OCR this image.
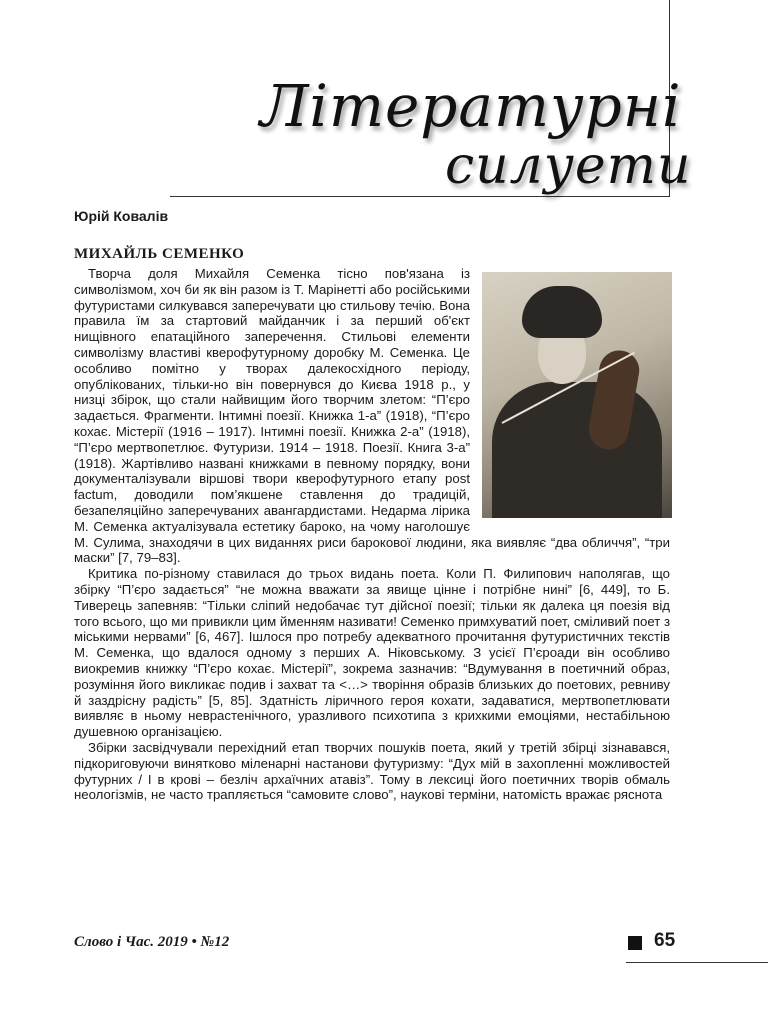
Літературні
силуети
Юрій Ковалів
МИХАЙЛЬ СЕМЕНКО

Творча доля Михайля Семенка тісно пов'язана із символізмом, хоч би як він разом із Т. Марінетті або російськими футуристами силкувався заперечувати цю стильову течію. Вона правила їм за стартовий майданчик і за перший об'єкт нищівного епатаційного заперечення. Стильові елементи символізму властиві кверофутурному доробку М. Семенка. Це особливо помітно у творах далекосхідного періоду, опублікованих, тільки-но він повернувся до Києва 1918 р., у низці збірок, що стали найвищим його творчим злетом: “П’єро задається. Фрагменти. Інтимні поезії. Книжка 1-а” (1918), “П’єро кохає. Містерії (1916 – 1917). Інтимні поезії. Книжка 2-а” (1918), “П’єро мертвопетлює. Футуризи. 1914 – 1918. Поезії. Книга 3-а” (1918). Жартівливо названі книжками в певному порядку, вони документалізували віршові твори кверофутурного етапу post factum, доводили пом’якшене ставлення до традицій, безапеляційно заперечуваних авангардистами. Недарма лірика М. Семенка актуалізувала естетику бароко, на чому наголошує М. Сулима, знаходячи в цих виданнях риси барокової людини, яка виявляє “два обличчя”, “три маски” [7, 79–83].

Критика по-різному ставилася до трьох видань поета. Коли П. Филипович наполягав, що збірку “П’єро задається” “не можна вважати за явище цінне і потрібне нині” [6, 449], то Б. Тиверець запевняв: “Тільки сліпий недобачає тут дійсної поезії; тільки як далека ця поезія від того всього, що ми привикли цим йменням називати! Семенко примхуватий поет, сміливий поет з міськими нервами” [6, 467]. Ішлося про потребу адекватного прочитання футуристичних текстів М. Семенка, що вдалося одному з перших А. Ніковському. З усієї П’єроади він особливо виокремив книжку “П’єро кохає. Містерії”, зокрема зазначив: “Вдумування в поетичний образ, розуміння його викликає подив і захват та <…> творіння образів близьких до поетових, ревниву й заздрісну радість” [5, 85]. Здатність ліричного героя кохати, задаватися, мертвопетлювати виявляє в ньому неврастенічного, уразливого психотипа з крихкими емоціями, нестабільною душевною організацією.

Збірки засвідчували перехідний етап творчих пошуків поета, який у третій збірці зізнавався, підкориговуючи винятково міленарні настанови футуризму: “Дух мій в захопленні можливостей футурних / І в крові – безліч архаїчних атавіз”. Тому в лексиці його поетичних творів обмаль неологізмів, не часто трапляється “самовите слово”, наукові терміни, натомість вражає ряснота

Слово і Час. 2019 • №12	65
